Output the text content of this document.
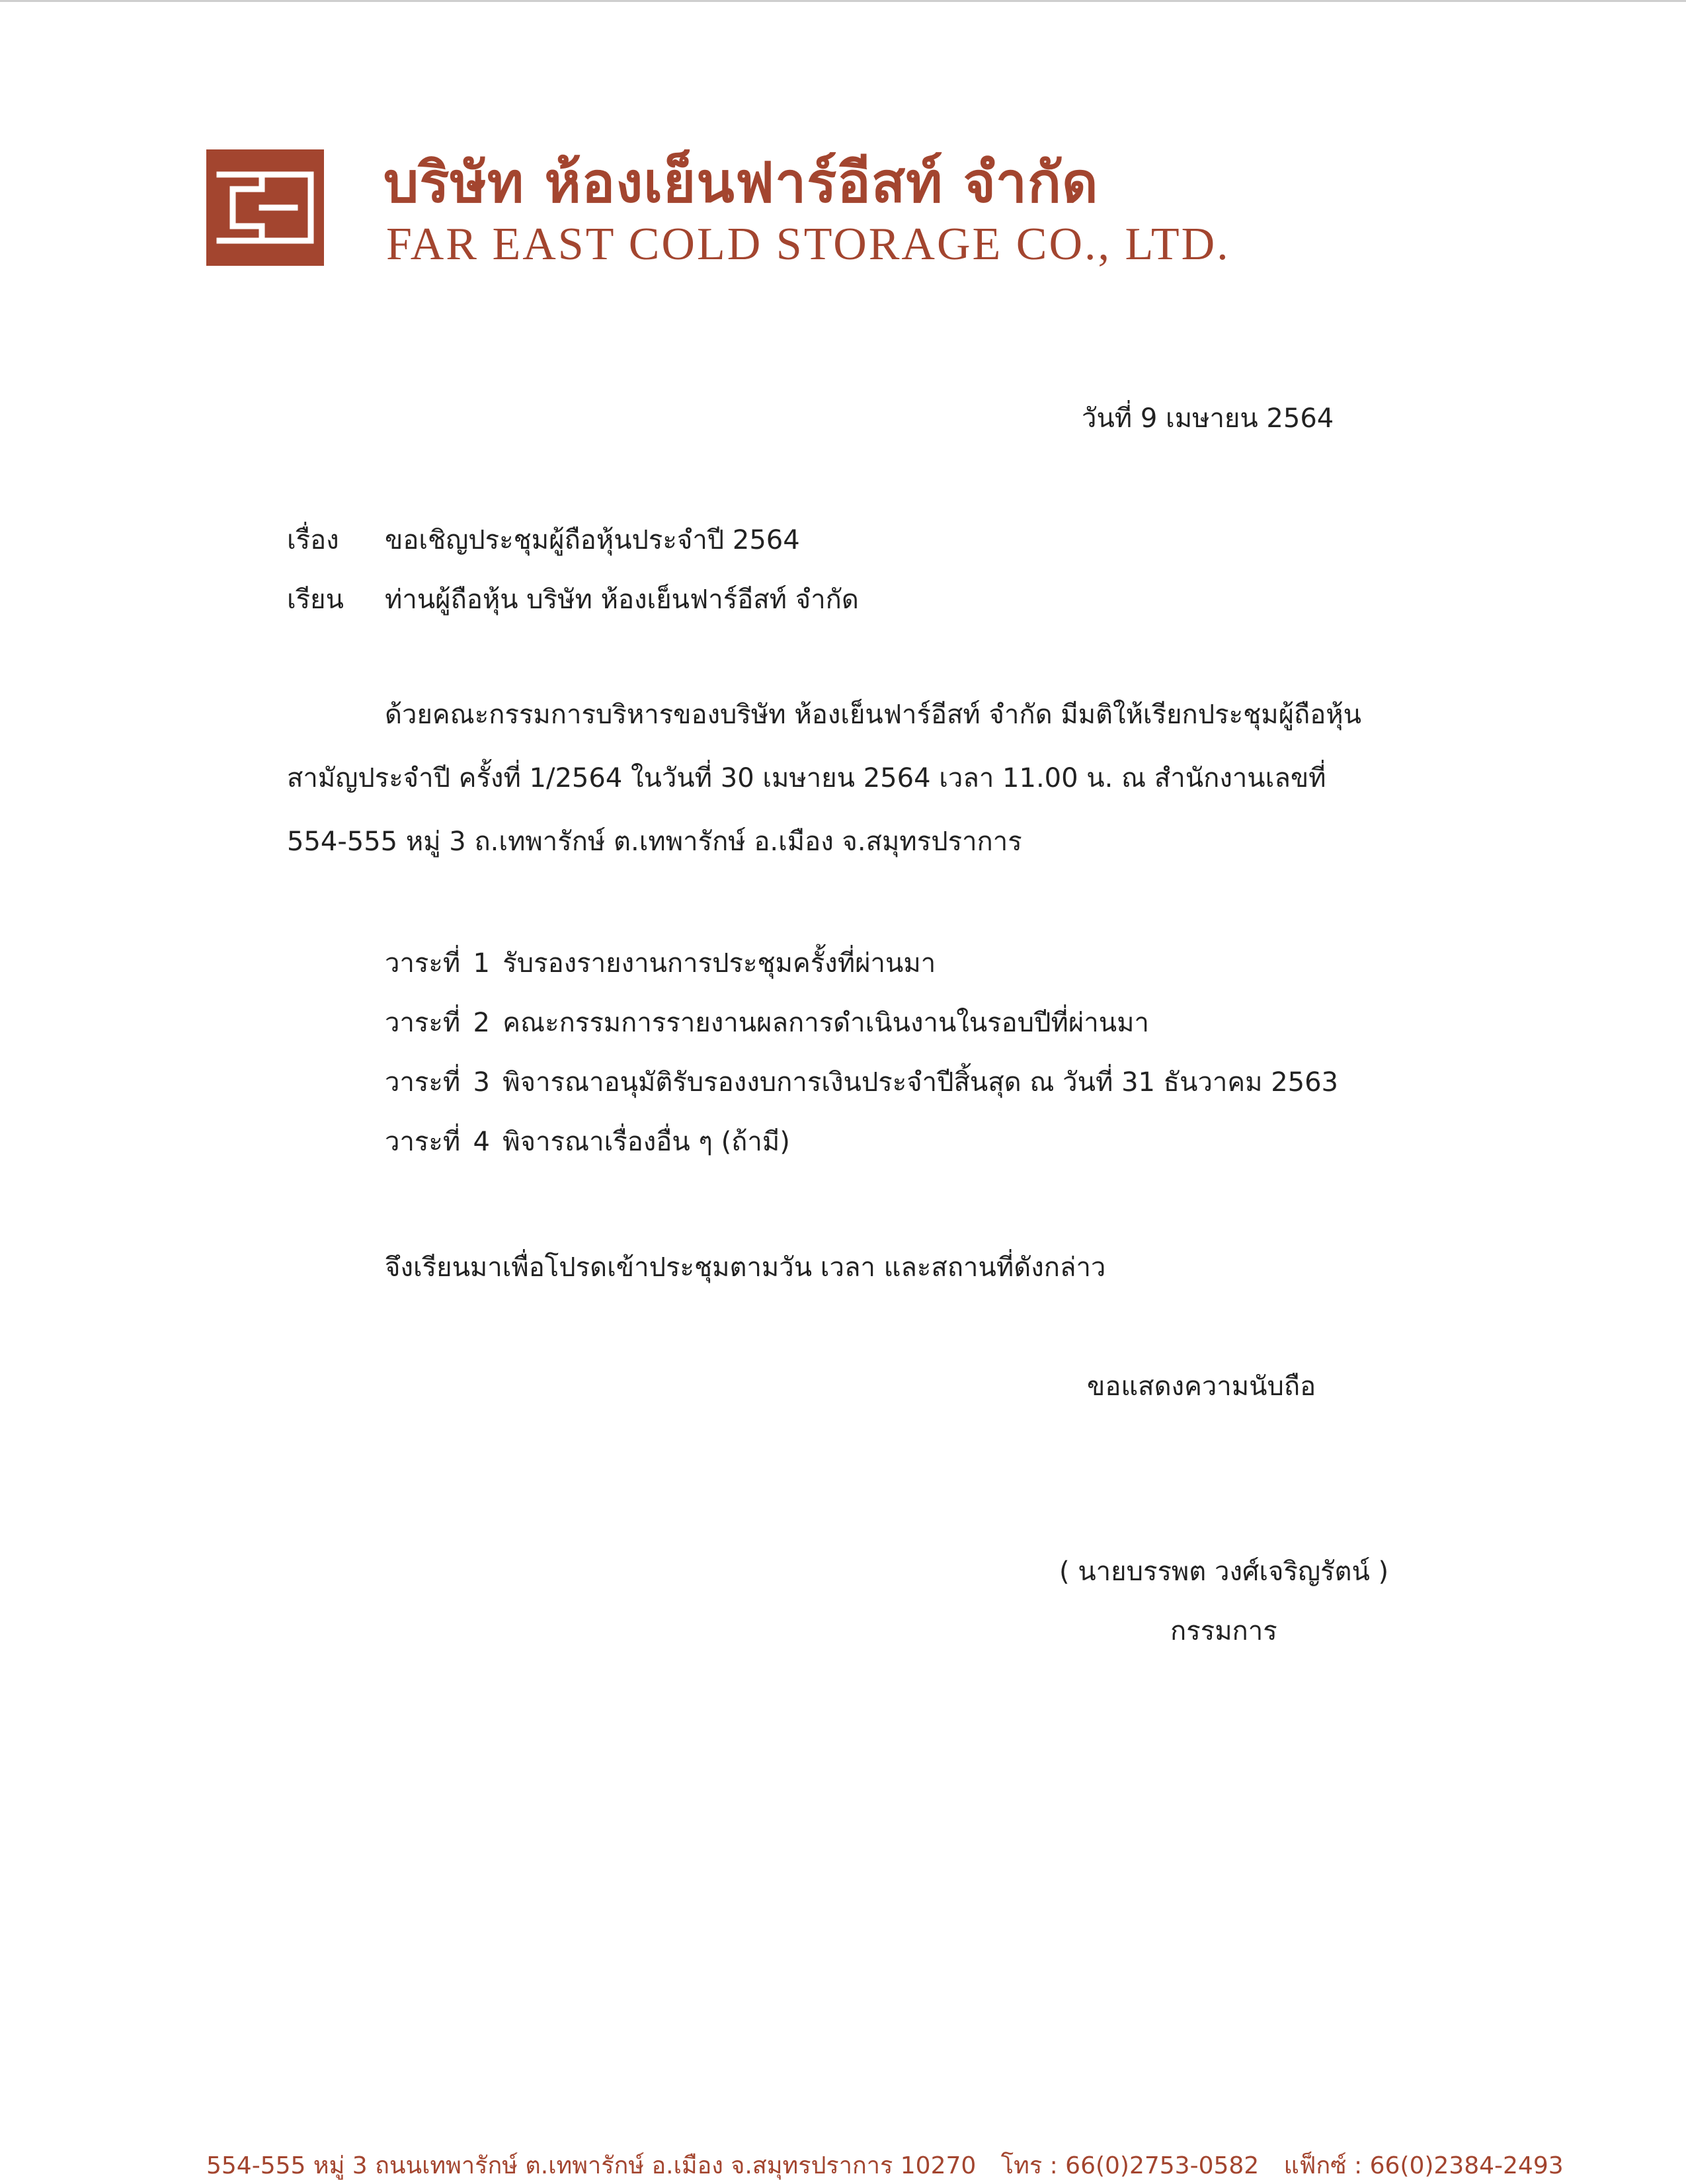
บริษัท ห้องเย็นฟาร์อีสท์ จำกัด
FAR EAST COLD STORAGE CO., LTD.
วันที่ 9 เมษายน 2564
เรื่อง ขอเชิญประชุมผู้ถือหุ้นประจำปี 2564
เรียน ท่านผู้ถือหุ้น บริษัท ห้องเย็นฟาร์อีสท์ จำกัด
ด้วยคณะกรรมการบริหารของบริษัท ห้องเย็นฟาร์อีสท์ จำกัด มีมติให้เรียกประชุมผู้ถือหุ้น
สามัญประจำปี ครั้งที่ 1/2564 ในวันที่ 30 เมษายน 2564 เวลา 11.00 น. ณ สำนักงานเลขที่
554-555 หมู่ 3 ถ.เทพารักษ์ ต.เทพารักษ์ อ.เมือง จ.สมุทรปราการ
วาระที่ 1 รับรองรายงานการประชุมครั้งที่ผ่านมา
วาระที่ 2 คณะกรรมการรายงานผลการดำเนินงานในรอบปีที่ผ่านมา
วาระที่ 3 พิจารณาอนุมัติรับรองงบการเงินประจำปีสิ้นสุด ณ วันที่ 31 ธันวาคม 2563
วาระที่ 4 พิจารณาเรื่องอื่น ๆ (ถ้ามี)
จึงเรียนมาเพื่อโปรดเข้าประชุมตามวัน เวลา และสถานที่ดังกล่าว
ขอแสดงความนับถือ
( นายบรรพต วงศ์เจริญรัตน์ )
กรรมการ
554-555 หมู่ 3 ถนนเทพารักษ์ ต.เทพารักษ์ อ.เมือง จ.สมุทรปราการ 10270 โทร : 66(0)2753-0582 แฟ็กซ์ : 66(0)2384-2493
